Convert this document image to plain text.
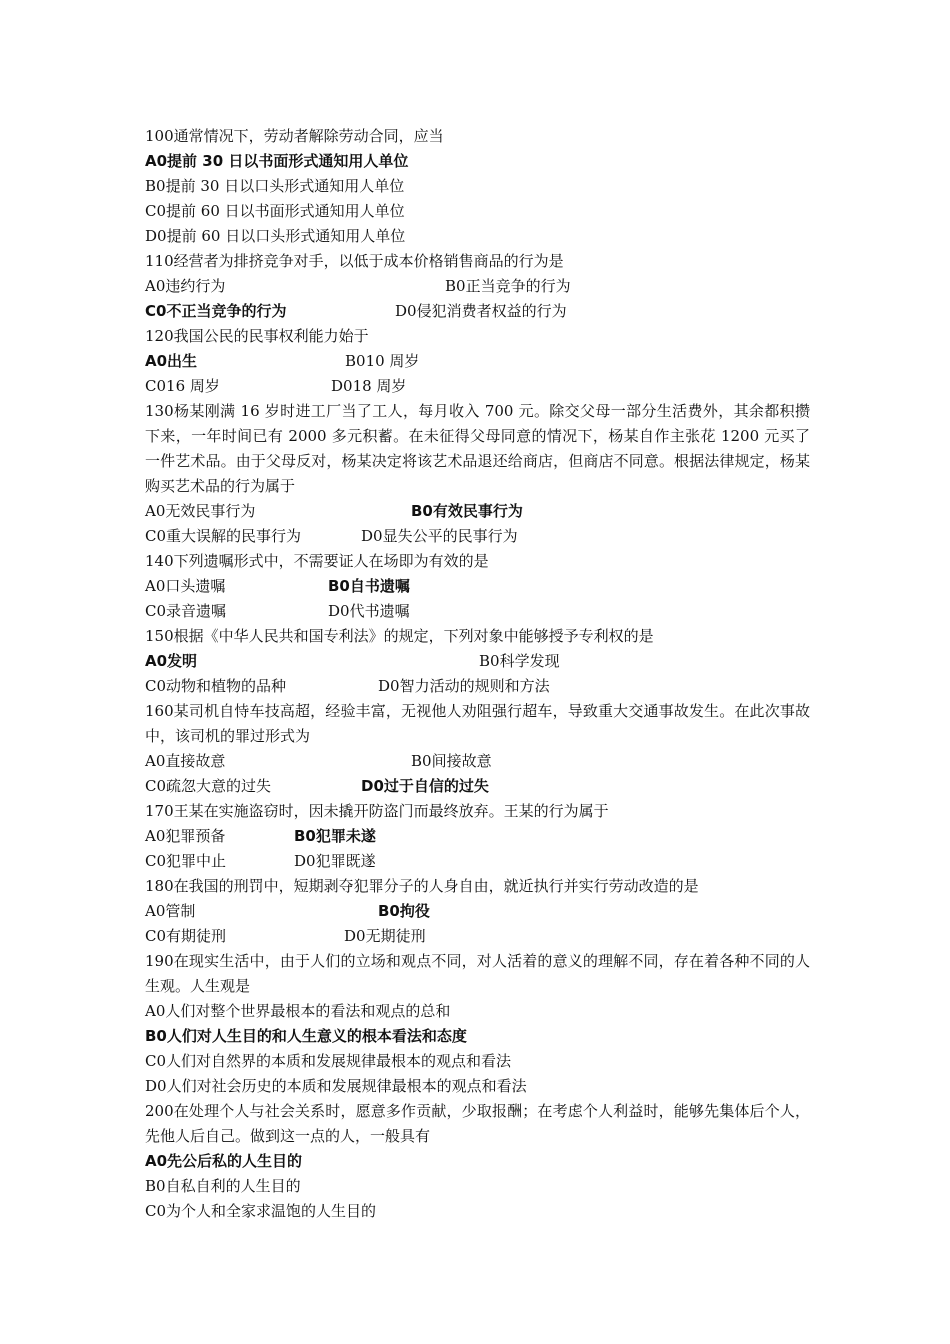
100通常情况下，劳动者解除劳动合同，应当
A0提前 30 日以书面形式通知用人单位
B0提前 30 日以口头形式通知用人单位
C0提前 60 日以书面形式通知用人单位
D0提前 60 日以口头形式通知用人单位
110经营者为排挤竞争对手，以低于成本价格销售商品的行为是
A0违约行为	B0正当竞争的行为
C0不正当竞争的行为	D0侵犯消费者权益的行为
120我国公民的民事权利能力始于
A0出生	B010 周岁
C016 周岁	D018 周岁
130杨某刚满 16 岁时进工厂当了工人，每月收入 700 元。除交父母一部分生活费外，其余都积攒下来，一年时间已有 2000 多元积蓄。在未征得父母同意的情况下，杨某自作主张花 1200 元买了一件艺术品。由于父母反对，杨某决定将该艺术品退还给商店，但商店不同意。根据法律规定，杨某购买艺术品的行为属于
A0无效民事行为	B0有效民事行为
C0重大误解的民事行为	D0显失公平的民事行为
140下列遗嘱形式中，不需要证人在场即为有效的是
A0口头遗嘱	B0自书遗嘱
C0录音遗嘱	D0代书遗嘱
150根据《中华人民共和国专利法》的规定，下列对象中能够授予专利权的是
A0发明	B0科学发现
C0动物和植物的品种	D0智力活动的规则和方法
160某司机自恃车技高超，经验丰富，无视他人劝阻强行超车，导致重大交通事故发生。在此次事故中，该司机的罪过形式为
A0直接故意	B0间接故意
C0疏忽大意的过失	D0过于自信的过失
170王某在实施盗窃时，因未撬开防盗门而最终放弃。王某的行为属于
A0犯罪预备	B0犯罪未遂
C0犯罪中止	D0犯罪既遂
180在我国的刑罚中，短期剥夺犯罪分子的人身自由，就近执行并实行劳动改造的是
A0管制	B0拘役
C0有期徒刑	D0无期徒刑
190在现实生活中，由于人们的立场和观点不同，对人活着的意义的理解不同，存在着各种不同的人生观。人生观是
A0人们对整个世界最根本的看法和观点的总和
B0人们对人生目的和人生意义的根本看法和态度
C0人们对自然界的本质和发展规律最根本的观点和看法
D0人们对社会历史的本质和发展规律最根本的观点和看法
200在处理个人与社会关系时，愿意多作贡献，少取报酬；在考虑个人利益时，能够先集体后个人，先他人后自己。做到这一点的人，一般具有
A0先公后私的人生目的
B0自私自利的人生目的
C0为个人和全家求温饱的人生目的
